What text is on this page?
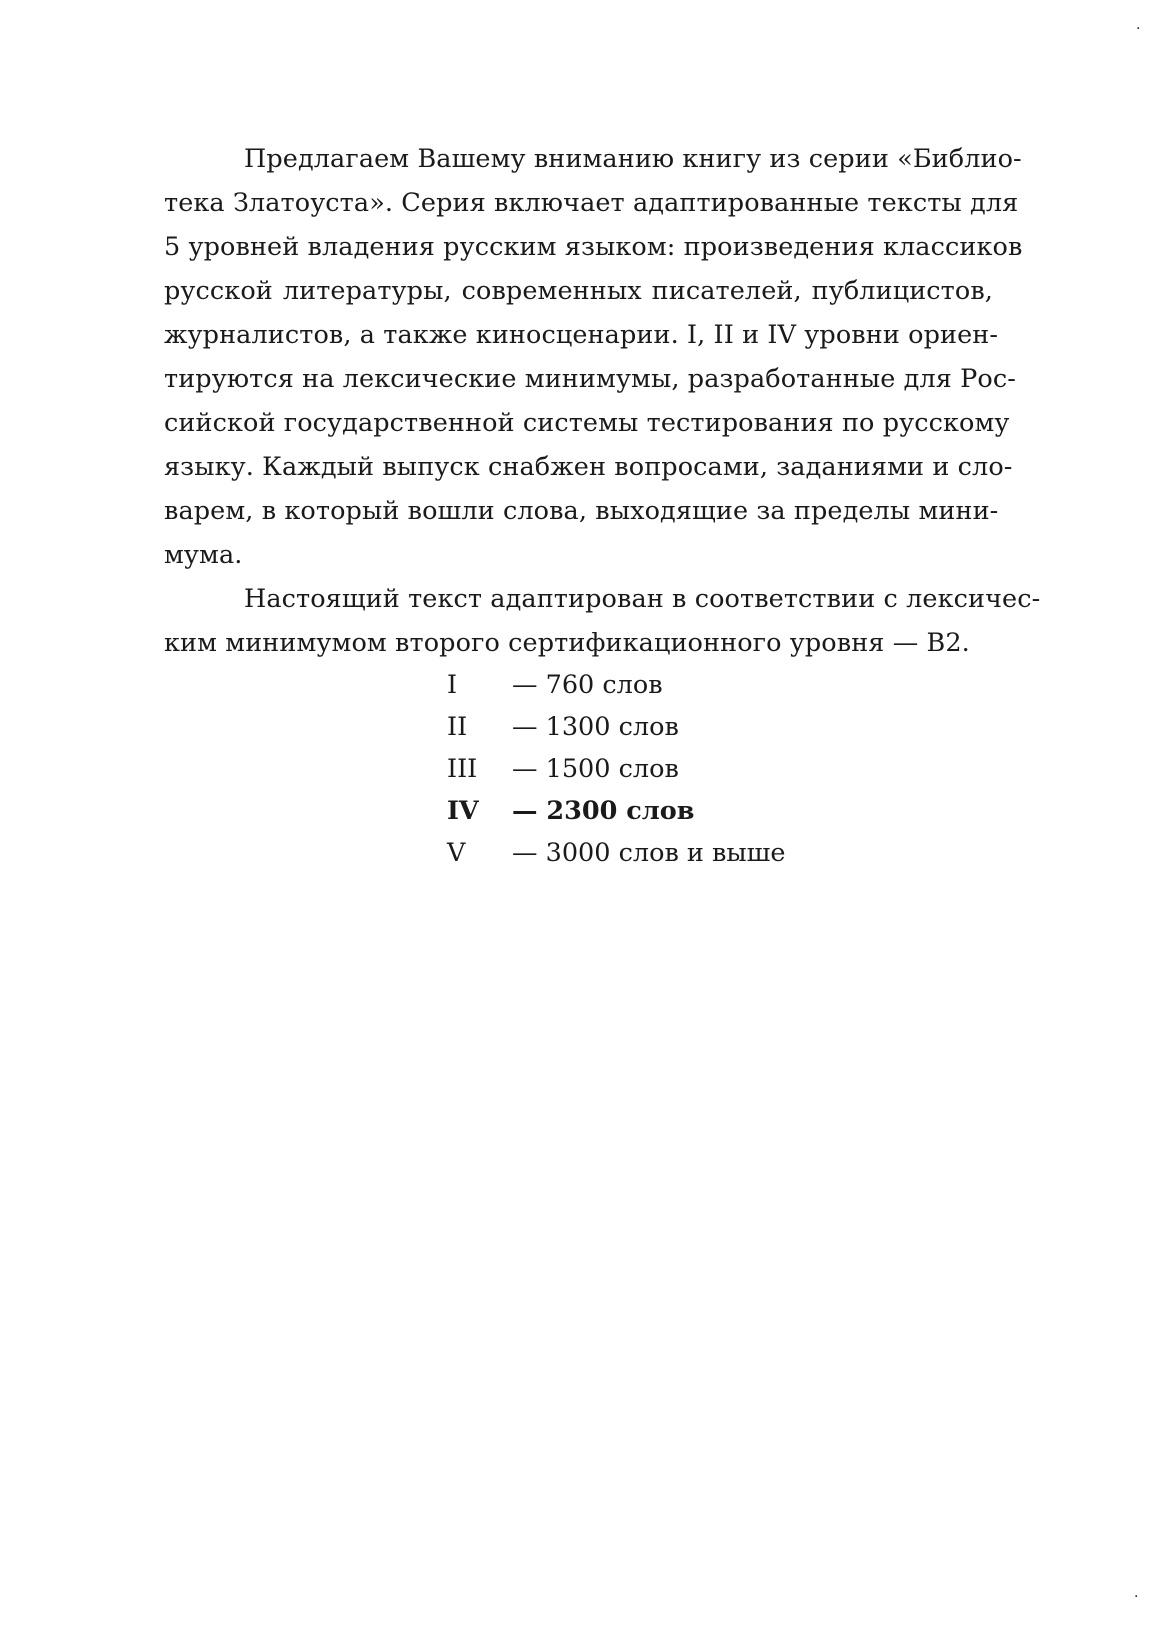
Предлагаем Вашему вниманию книгу из серии «Библио-
тека Златоуста». Серия включает адаптированные тексты для
5 уровней владения русским языком: произведения классиков
русской литературы, современных писателей, публицистов,
журналистов, а также киносценарии. I, II и IV уровни ориен-
тируются на лексические минимумы, разработанные для Рос-
сийской государственной системы тестирования по русскому
языку. Каждый выпуск снабжен вопросами, заданиями и сло-
варем, в который вошли слова, выходящие за пределы мини-
мума.
Настоящий текст адаптирован в соответствии с лексичес-
ким минимумом второго сертификационного уровня — В2.
I — 760 слов
II — 1300 слов
III — 1500 слов
IV — 2300 слов
V — 3000 слов и выше
·
·
